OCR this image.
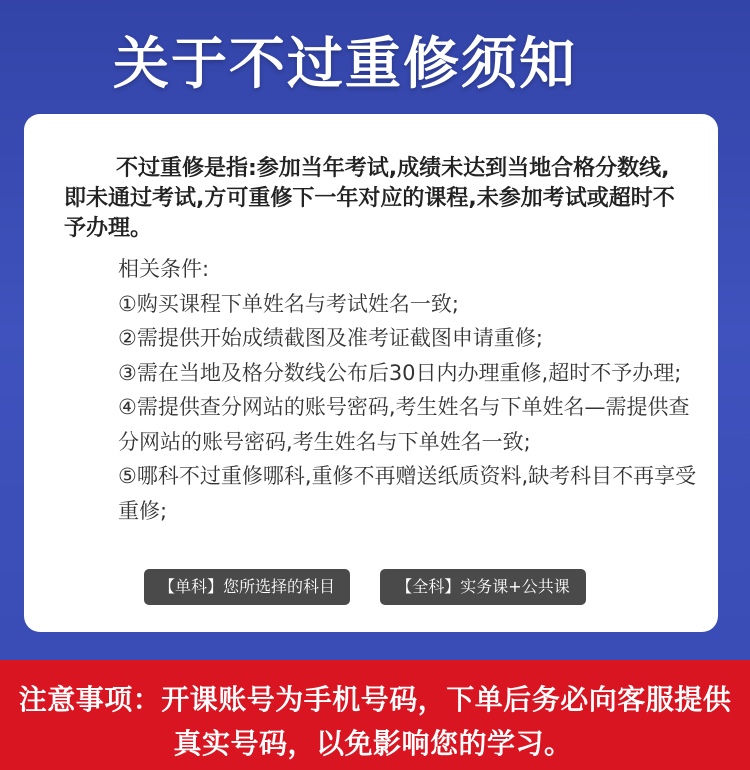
关于不过重修须知
不过重修是指:参加当年考试,成绩未达到当地合格分数线,即未通过考试,方可重修下一年对应的课程,未参加考试或超时不予办理。
相关条件:
①购买课程下单姓名与考试姓名一致;
②需提供开始成绩截图及准考证截图申请重修;
③需在当地及格分数线公布后30日内办理重修,超时不予办理;
④需提供查分网站的账号密码,考生姓名与下单姓名—需提供查分网站的账号密码,考生姓名与下单姓名一致;
⑤哪科不过重修哪科,重修不再赠送纸质资料,缺考科目不再享受重修;
【单科】您所选择的科目	【全科】实务课+公共课
注意事项：开课账号为手机号码，下单后务必向客服提供
真实号码，以免影响您的学习。
